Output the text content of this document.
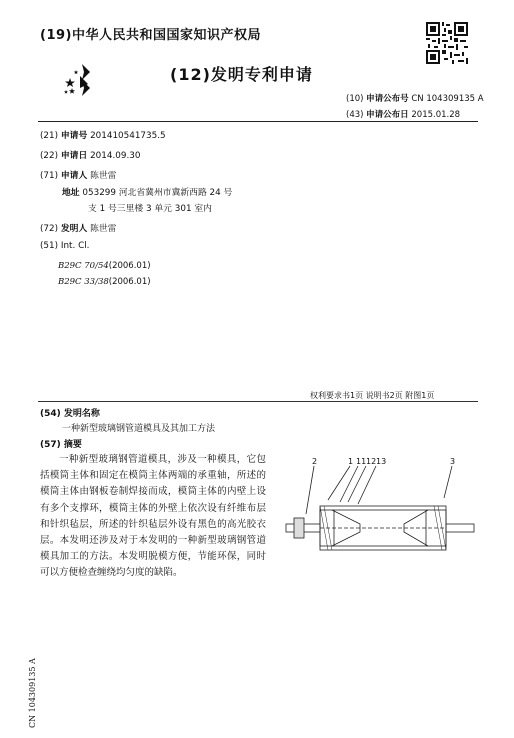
(19)中华人民共和国国家知识产权局
(12)发明专利申请
(10) 申请公布号 CN 104309135 A
(43) 申请公布日 2015.01.28
(21) 申请号 201410541735.5
(22) 申请日 2014.09.30
(71) 申请人 陈世雷
地址 053299 河北省冀州市冀新西路 24 号
支 1 号三里楼 3 单元 301 室内
(72) 发明人 陈世雷
(51) Int. Cl.
B29C 70/54(2006.01)
B29C 33/38(2006.01)
权利要求书1页 说明书2页 附图1页
(54) 发明名称
一种新型玻璃钢管道模具及其加工方法
(57) 摘要
一种新型玻璃钢管道模具，涉及一种模具，它包括模筒主体和固定在模筒主体两端的承重轴，所述的模筒主体由钢板卷制焊接而成，模筒主体的内壁上设有多个支撑环，模筒主体的外壁上依次设有纤维布层和针织毡层，所述的针织毡层外设有黑色的高光胶衣层。本发明还涉及对于本发明的一种新型玻璃钢管道模具加工的方法。本发明脱模方便，节能环保，同时可以方便检查缠绕均匀度的缺陷。
2	1 11 12 13	3
CN 104309135 A
